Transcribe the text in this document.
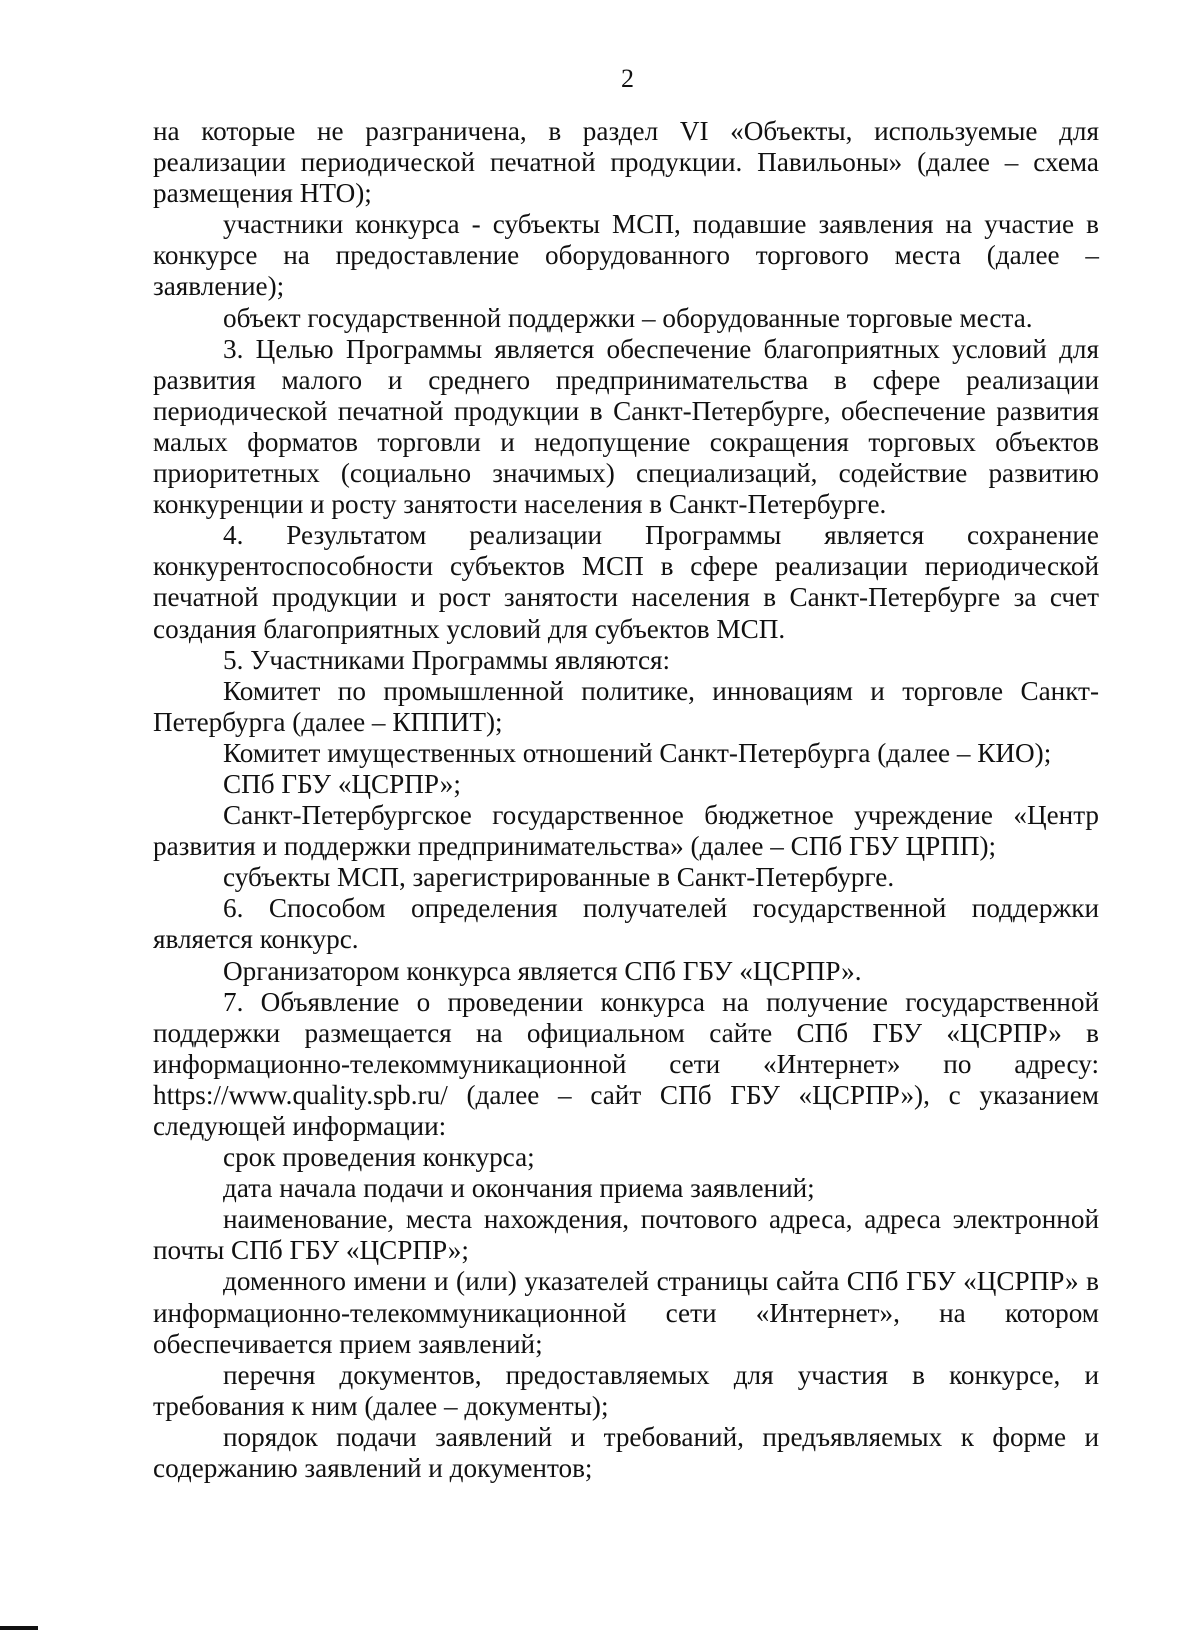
2

на которые не разграничена, в раздел VI «Объекты, используемые для реализации периодической печатной продукции. Павильоны» (далее – схема размещения НТО);

участники конкурса - субъекты МСП, подавшие заявления на участие в конкурсе на предоставление оборудованного торгового места (далее – заявление);

объект государственной поддержки – оборудованные торговые места.

3. Целью Программы является обеспечение благоприятных условий для развития малого и среднего предпринимательства в сфере реализации периодической печатной продукции в Санкт-Петербурге, обеспечение развития малых форматов торговли и недопущение сокращения торговых объектов приоритетных (социально значимых) специализаций, содействие развитию конкуренции и росту занятости населения в Санкт-Петербурге.

4. Результатом реализации Программы является сохранение конкурентоспособности субъектов МСП в сфере реализации периодической печатной продукции и рост занятости населения в Санкт-Петербурге за счет создания благоприятных условий для субъектов МСП.

5. Участниками Программы являются:

Комитет по промышленной политике, инновациям и торговле Санкт-Петербурга (далее – КППИТ);

Комитет имущественных отношений Санкт-Петербурга (далее – КИО);

СПб ГБУ «ЦСРПР»;

Санкт-Петербургское государственное бюджетное учреждение «Центр развития и поддержки предпринимательства» (далее – СПб ГБУ ЦРПП);

субъекты МСП, зарегистрированные в Санкт-Петербурге.

6. Способом определения получателей государственной поддержки является конкурс.

Организатором конкурса является СПб ГБУ «ЦСРПР».

7. Объявление о проведении конкурса на получение государственной поддержки размещается на официальном сайте СПб ГБУ «ЦСРПР» в информационно-телекоммуникационной сети «Интернет» по адресу: https://www.quality.spb.ru/ (далее – сайт СПб ГБУ «ЦСРПР»), с указанием следующей информации:

срок проведения конкурса;

дата начала подачи и окончания приема заявлений;

наименование, места нахождения, почтового адреса, адреса электронной почты СПб ГБУ «ЦСРПР»;

доменного имени и (или) указателей страницы сайта СПб ГБУ «ЦСРПР» в информационно-телекоммуникационной сети «Интернет», на котором обеспечивается прием заявлений;

перечня документов, предоставляемых для участия в конкурсе, и требования к ним (далее – документы);

порядок подачи заявлений и требований, предъявляемых к форме и содержанию заявлений и документов;
